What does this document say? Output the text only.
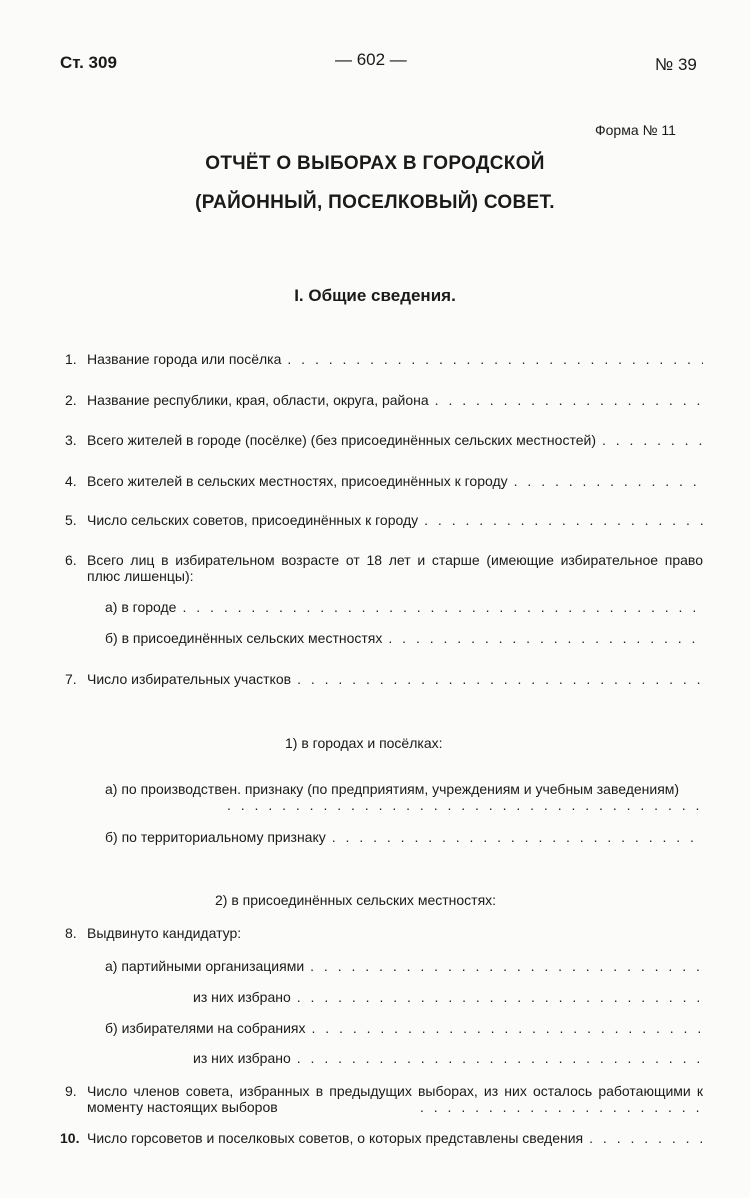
Ст. 309	— 602 —	№ 39
Форма № 11
ОТЧЁТ О ВЫБОРАХ В ГОРОДСКОЙ
(РАЙОННЫЙ, ПОСЕЛКОВЫЙ) СОВЕТ.
I. Общие сведения.
1. Название города или посёлка
. . .
2. Название республики, края, области, округа, района
. . .
3. Всего жителей в городе (посёлке) (без присоединённых сельских местностей)
. . .
4. Всего жителей в сельских местностях, присоединённых к городу
. . .
5. Число сельских советов, присоединённых к городу
. . .
6. Всего лиц в избирательном возрасте от 18 лет и старше (имеющие избирательное право плюс лишенцы):
а) в городе
. . .
б) в присоединённых сельских местностях
. . .
7. Число избирательных участков
. . .
1) в городах и посёлках:
а) по производствен. признаку (по предприятиям, учреждениям и учебным заведениям)
. . .
б) по территориальному признаку
. . .
2) в присоединённых сельских местностях:
8. Выдвинуто кандидатур:
а) партийными организациями
. . .
из них избрано
. . .
б) избирателями на собраниях
. . .
из них избрано
. . .
9. Число членов совета, избранных в предыдущих выборах, из них осталось работающими к моменту настоящих выборов
. . .
10. Число горсоветов и поселковых советов, о которых представлены сведения
. . .
